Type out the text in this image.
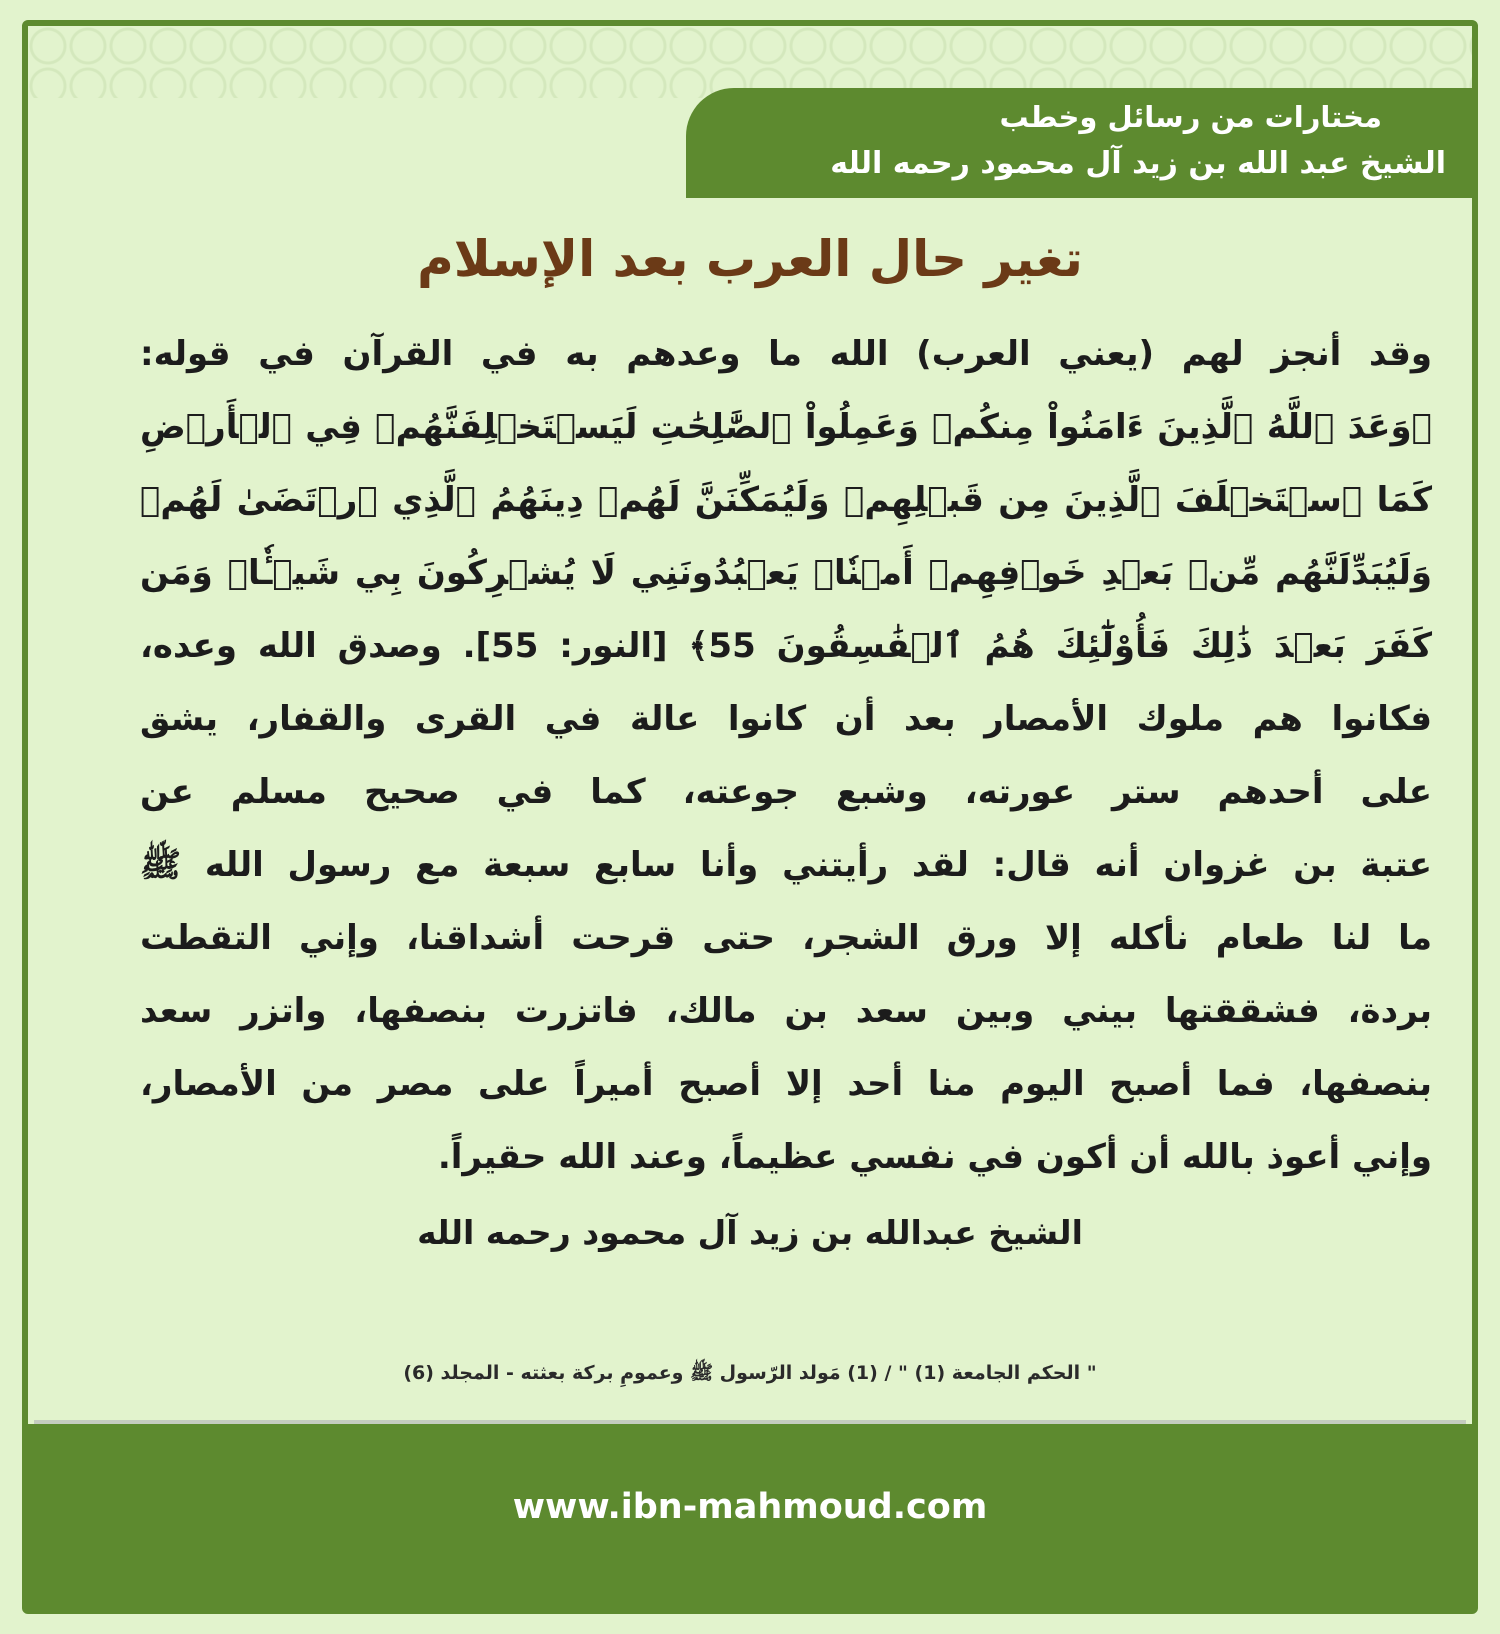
مختارات من رسائل وخطب
الشيخ عبد الله بن زيد آل محمود رحمه الله
تغير حال العرب بعد الإسلام
وقد أنجز لهم (يعني العرب) الله ما وعدهم به في القرآن في قوله:
﴿وَعَدَ ٱللَّهُ ٱلَّذِينَ ءَامَنُواْ مِنكُمۡ وَعَمِلُواْ ٱلصَّٰلِحَٰتِ لَيَسۡتَخۡلِفَنَّهُمۡ فِي ٱلۡأَرۡضِ
كَمَا ٱسۡتَخۡلَفَ ٱلَّذِينَ مِن قَبۡلِهِمۡ وَلَيُمَكِّنَنَّ لَهُمۡ دِينَهُمُ ٱلَّذِي ٱرۡتَضَىٰ لَهُمۡ
وَلَيُبَدِّلَنَّهُم مِّنۢ بَعۡدِ خَوۡفِهِمۡ أَمۡنٗاۚ يَعۡبُدُونَنِي لَا يُشۡرِكُونَ بِي شَيۡـٔٗاۚ وَمَن
كَفَرَ بَعۡدَ ذَٰلِكَ فَأُوْلَٰٓئِكَ هُمُ ٱلۡفَٰسِقُونَ 55﴾ [النور: 55]. وصدق الله وعده،
فكانوا هم ملوك الأمصار بعد أن كانوا عالة في القرى والقفار، يشق
على أحدهم ستر عورته، وشبع جوعته، كما في صحيح مسلم عن
عتبة بن غزوان أنه قال: لقد رأيتني وأنا سابع سبعة مع رسول الله ﷺ
ما لنا طعام نأكله إلا ورق الشجر، حتى قرحت أشداقنا، وإني التقطت
بردة، فشققتها بيني وبين سعد بن مالك، فاتزرت بنصفها، واتزر سعد
بنصفها، فما أصبح اليوم منا أحد إلا أصبح أميراً على مصر من الأمصار،
وإني أعوذ بالله أن أكون في نفسي عظيماً، وعند الله حقيراً.
الشيخ عبدالله بن زيد آل محمود رحمه الله
" الحكم الجامعة (1) " / (1) مَولد الرّسول ﷺ وعمومِ بركة بعثته - المجلد (6)
www.ibn-mahmoud.com
